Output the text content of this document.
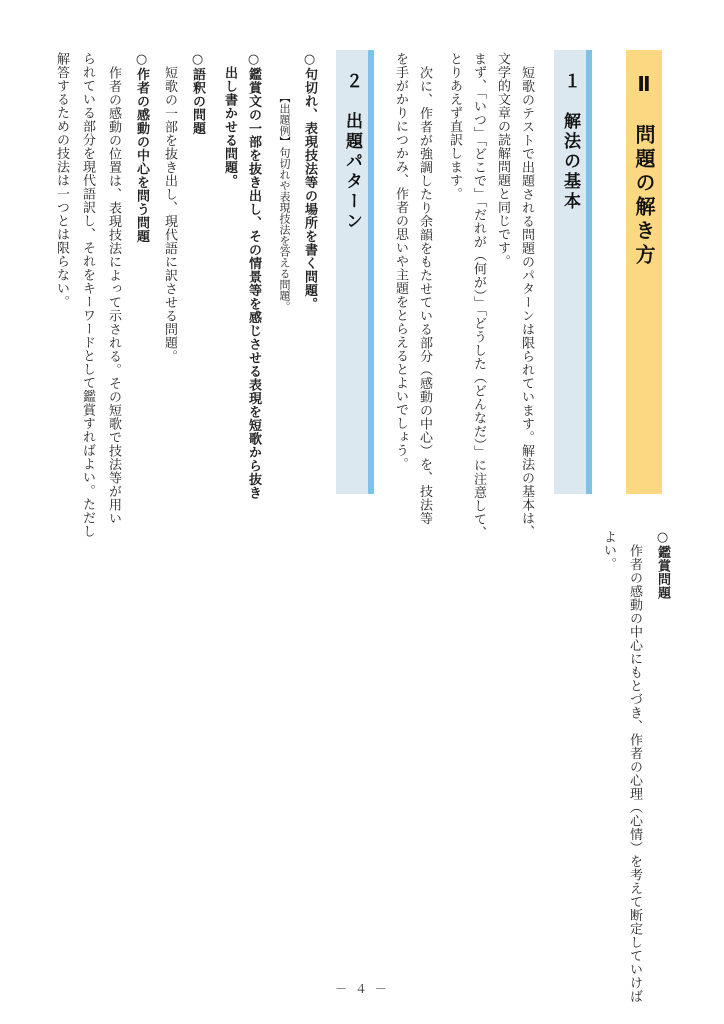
Ⅱ　問題の解き方
１　解法の基本
短歌のテストで出題される問題のパターンは限られています。解法の基本は、
文学的文章の読解問題と同じです。
まず、「いつ」「どこで」「だれが（何が）」「どうした（どんなだ）」に注意して、
とりあえず直訳します。
次に、作者が強調したり余韻をもたせている部分（感動の中心）を、技法等
を手がかりにつかみ、作者の思いや主題をとらえるとよいでしょう。
２　出題パターン
○句切れ、表現技法等の場所を書く問題。
【出題例】句切れや表現技法を答える問題。
○鑑賞文の一部を抜き出し、その情景等を感じさせる表現を短歌から抜き
出し書かせる問題。
○語釈の問題
短歌の一部を抜き出し、現代語に訳させる問題。
○作者の感動の中心を問う問題
作者の感動の位置は、表現技法によって示される。その短歌で技法等が用い
られている部分を現代語訳し、それをキーワードとして鑑賞すればよい。ただし
解答するための技法は一つとは限らない。
○鑑賞問題
作者の感動の中心にもとづき、作者の心理（心情）を考えて断定していけば
よい。
－ ４ －
